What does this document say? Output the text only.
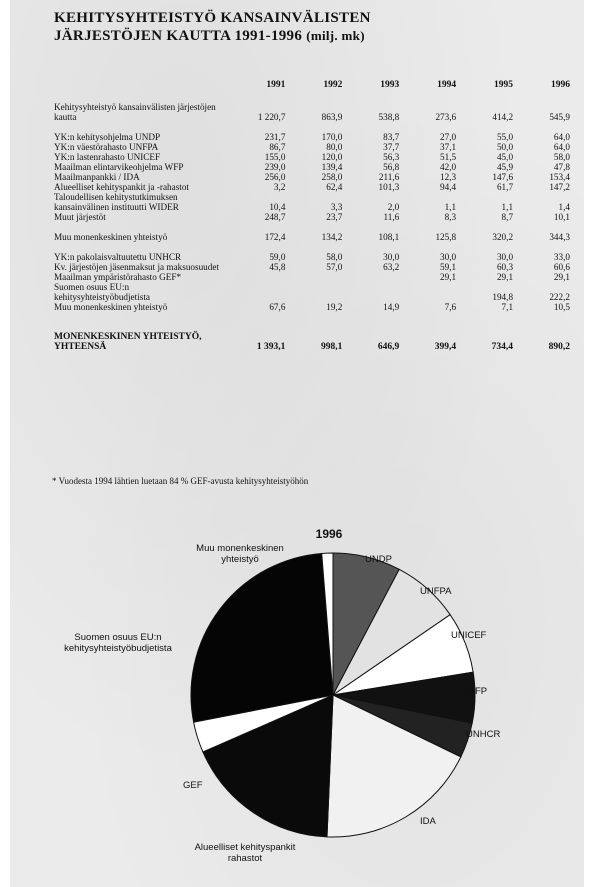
KEHITYSYHTEISTYÖ KANSAINVÄLISTEN
JÄRJESTÖJEN KAUTTA 1991-1996 (milj. mk)
	1991	1992	1993	1994	1995	1996
Kehitysyhteistyö kansainvälisten järjestöjen kautta	1 220,7	863,9	538,8	273,6	414,2	545,9

YK:n kehitysohjelma UNDP	231,7	170,0	83,7	27,0	55,0	64,0
YK:n väestörahasto UNFPA	86,7	80,0	37,7	37,1	50,0	64,0
YK:n lastenrahasto UNICEF	155,0	120,0	56,3	51,5	45,0	58,0
Maailman elintarvikeohjelma WFP	239,0	139,4	56,8	42,0	45,9	47,8
Maailmanpankki / IDA	256,0	258,0	211,6	12,3	147,6	153,4
Alueelliset kehityspankit ja -rahastot	3,2	62,4	101,3	94,4	61,7	147,2
Taloudellisen kehitystutkimuksen kansainvälinen instituutti WIDER	10,4	3,3	2,0	1,1	1,1	1,4
Muut järjestöt	248,7	23,7	11,6	8,3	8,7	10,1

Muu monenkeskinen yhteistyö	172,4	134,2	108,1	125,8	320,2	344,3

YK:n pakolaisvaltuutettu UNHCR	59,0	58,0	30,0	30,0	30,0	33,0
Kv. järjestöjen jäsenmaksut ja maksuosuudet	45,8	57,0	63,2	59,1	60,3	60,6
Maailman ympäristörahasto GEF*				29,1	29,1	29,1
Suomen osuus EU:n kehitysyhteistyöbudjetista					194,8	222,2
Muu monenkeskinen yhteistyö	67,6	19,2	14,9	7,6	7,1	10,5

MONENKESKINEN YHTEISTYÖ, YHTEENSÄ	1 393,1	998,1	646,9	399,4	734,4	890,2
* Vuodesta 1994 lähtien luetaan 84 % GEF-avusta kehitysyhteistyöhön
1996
UNDP
UNFPA
UNICEF
WFP
UNHCR
IDA
Alueelliset kehityspankit rahastot
GEF
Suomen osuus EU:n kehitysyhteistyöbudjetista
Muu monenkeskinen yhteistyö
